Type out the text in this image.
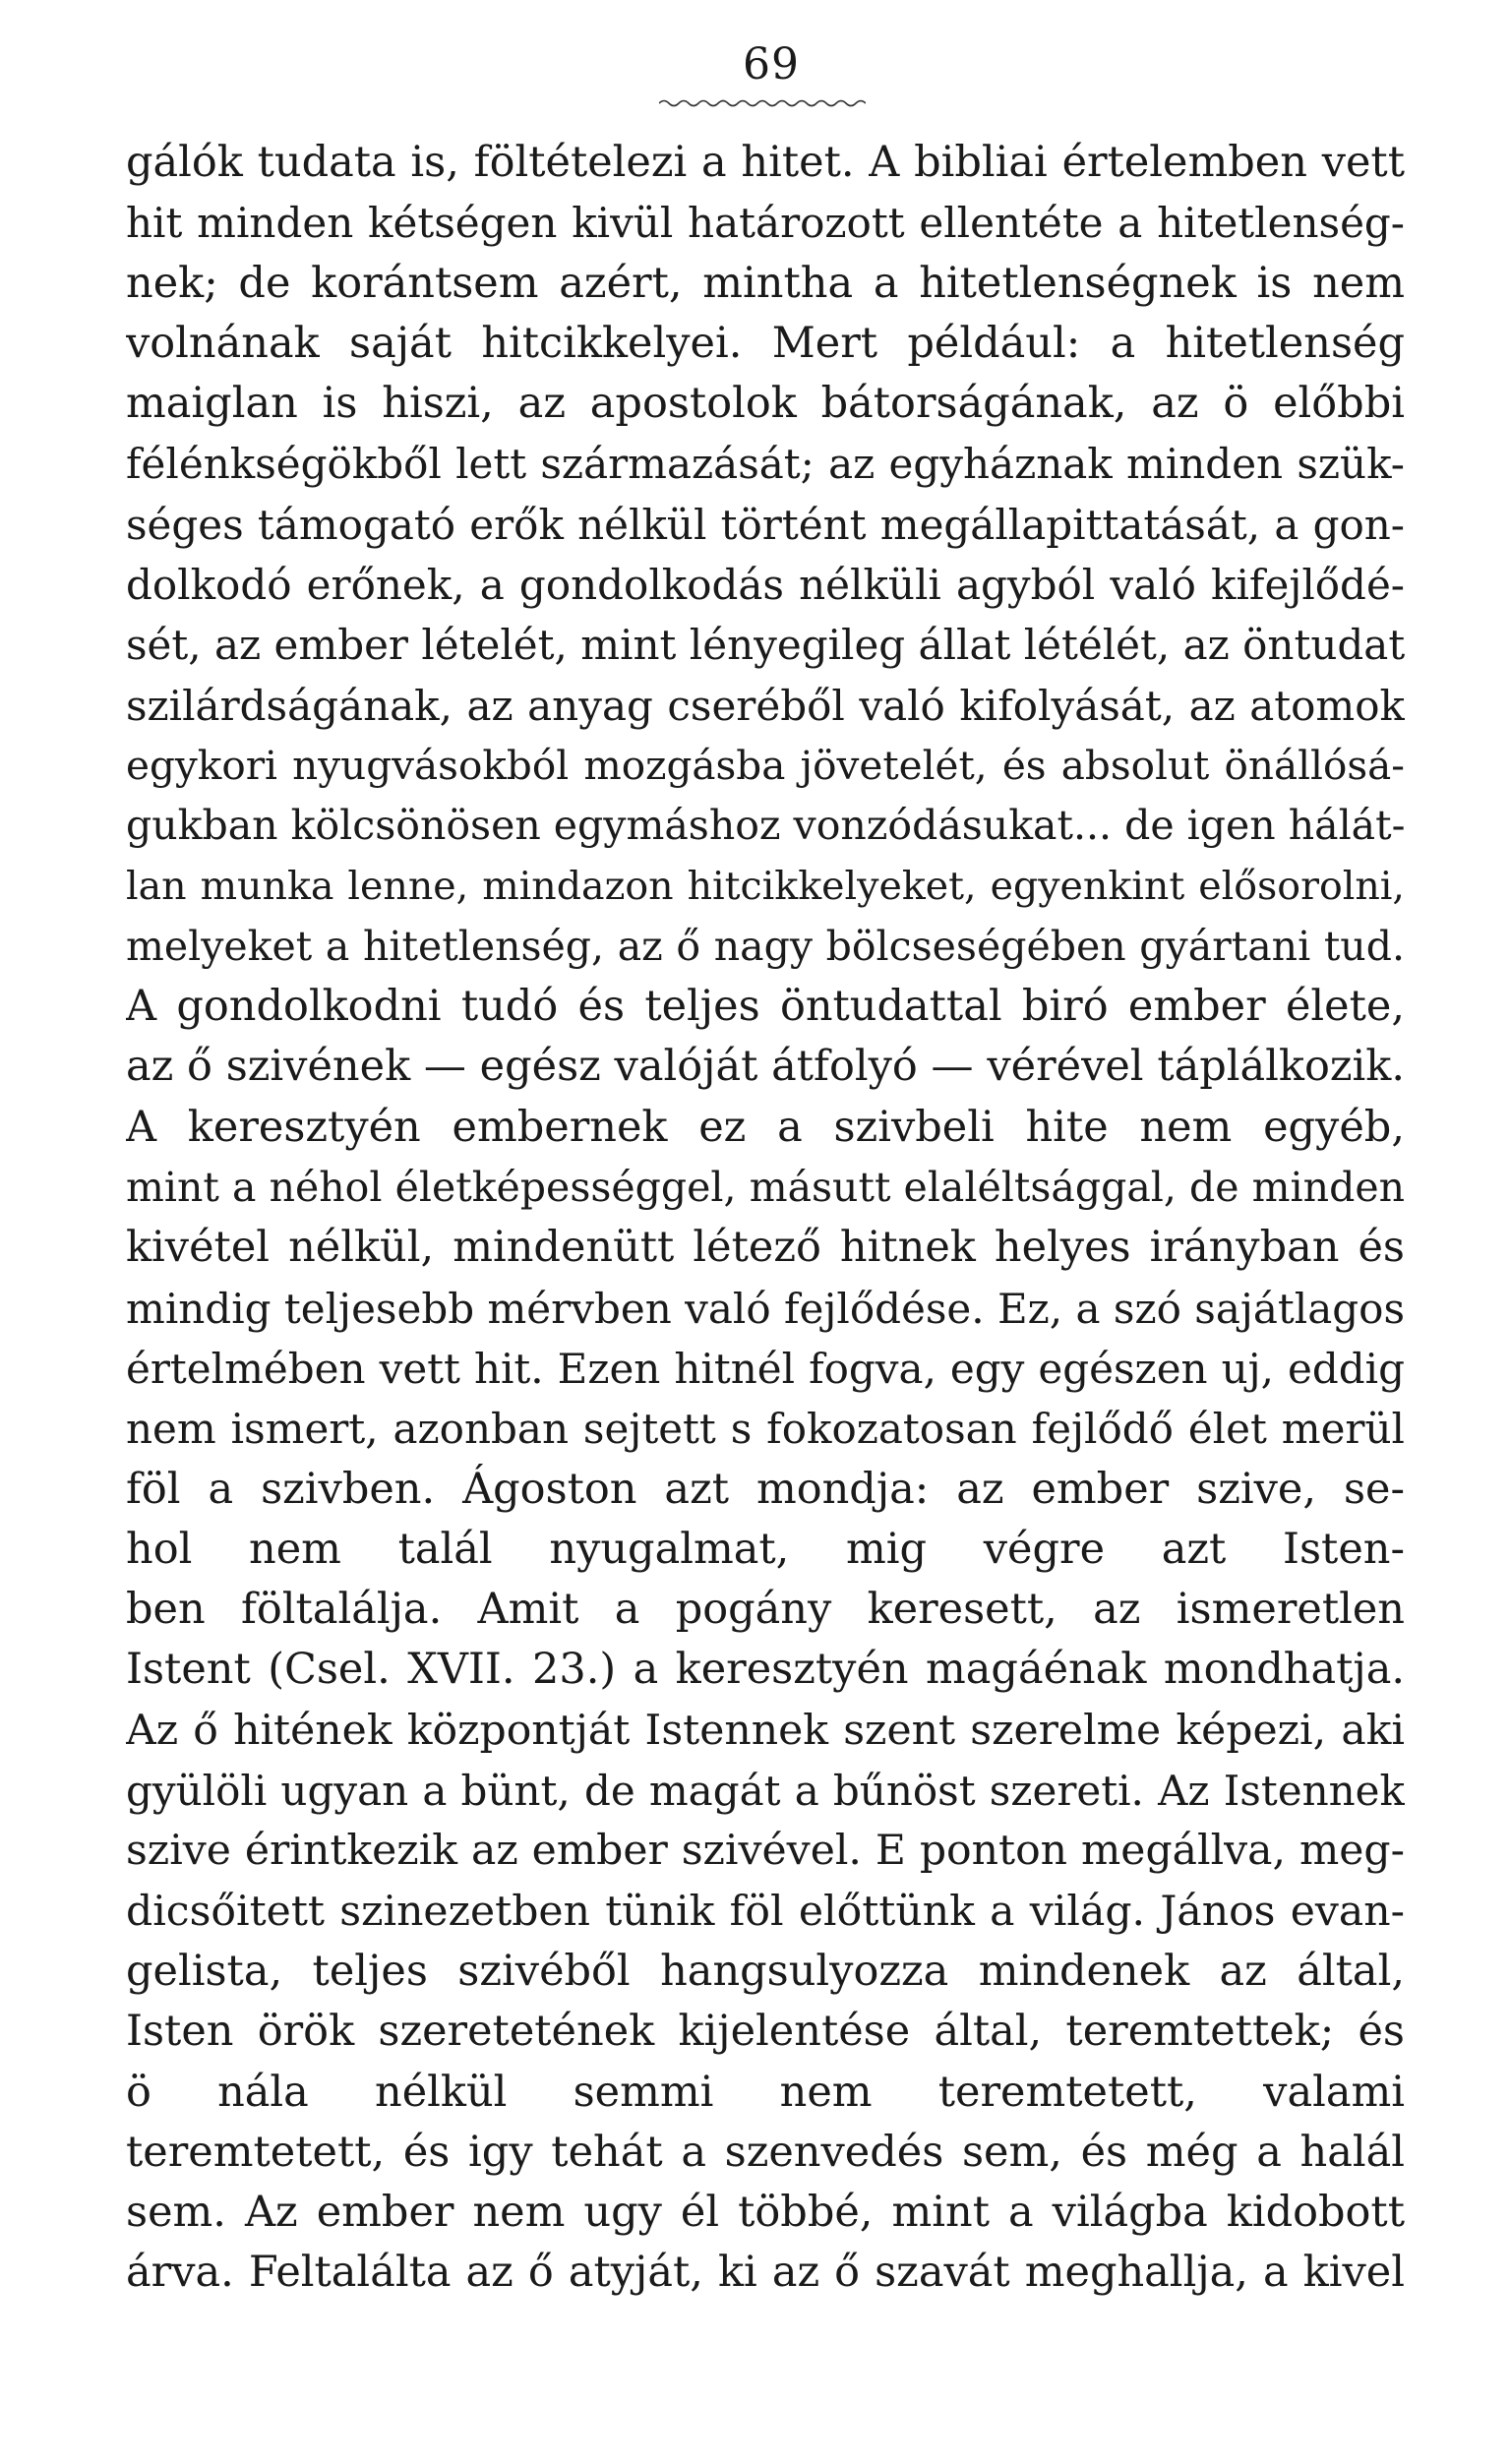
69
gálók tudata is, föltételezi a hitet. A bibliai értelemben vett
hit minden kétségen kivül határozott ellentéte a hitetlenség-
nek; de korántsem azért, mintha a hitetlenségnek is nem
volnának saját hitcikkelyei. Mert például: a hitetlenség
maiglan is hiszi, az apostolok bátorságának, az ö előbbi
félénkségökből lett származását; az egyháznak minden szük-
séges támogató erők nélkül történt megállapittatását, a gon-
dolkodó erőnek, a gondolkodás nélküli agyból való kifejlődé-
sét, az ember lételét, mint lényegileg állat létélét, az öntudat
szilárdságának, az anyag cseréből való kifolyását, az atomok
egykori nyugvásokból mozgásba jövetelét, és absolut önállósá-
gukban kölcsönösen egymáshoz vonzódásukat... de igen hálát-
lan munka lenne, mindazon hitcikkelyeket, egyenkint elősorolni,
melyeket a hitetlenség, az ő nagy bölcseségében gyártani tud.
A gondolkodni tudó és teljes öntudattal biró ember élete,
az ő szivének — egész valóját átfolyó — vérével táplálkozik.
A keresztyén embernek ez a szivbeli hite nem egyéb,
mint a néhol életképességgel, másutt elaléltsággal, de minden
kivétel nélkül, mindenütt létező hitnek helyes irányban és
mindig teljesebb mérvben való fejlődése. Ez, a szó sajátlagos
értelmében vett hit. Ezen hitnél fogva, egy egészen uj, eddig
nem ismert, azonban sejtett s fokozatosan fejlődő élet merül
föl a szivben. Ágoston azt mondja: az ember szive, se-
hol nem talál nyugalmat, mig végre azt Isten-
ben föltalálja. Amit a pogány keresett, az ismeretlen
Istent (Csel. XVII. 23.) a keresztyén magáénak mondhatja.
Az ő hitének központját Istennek szent szerelme képezi, aki
gyülöli ugyan a bünt, de magát a bűnöst szereti. Az Istennek
szive érintkezik az ember szivével. E ponton megállva, meg-
dicsőitett szinezetben tünik föl előttünk a világ. János evan-
gelista, teljes szivéből hangsulyozza mindenek az által,
Isten örök szeretetének kijelentése által, teremtettek; és
ö nála nélkül semmi nem teremtetett, valami
teremtetett, és igy tehát a szenvedés sem, és még a halál
sem. Az ember nem ugy él többé, mint a világba kidobott
árva. Feltalálta az ő atyját, ki az ő szavát meghallja, a kivel
